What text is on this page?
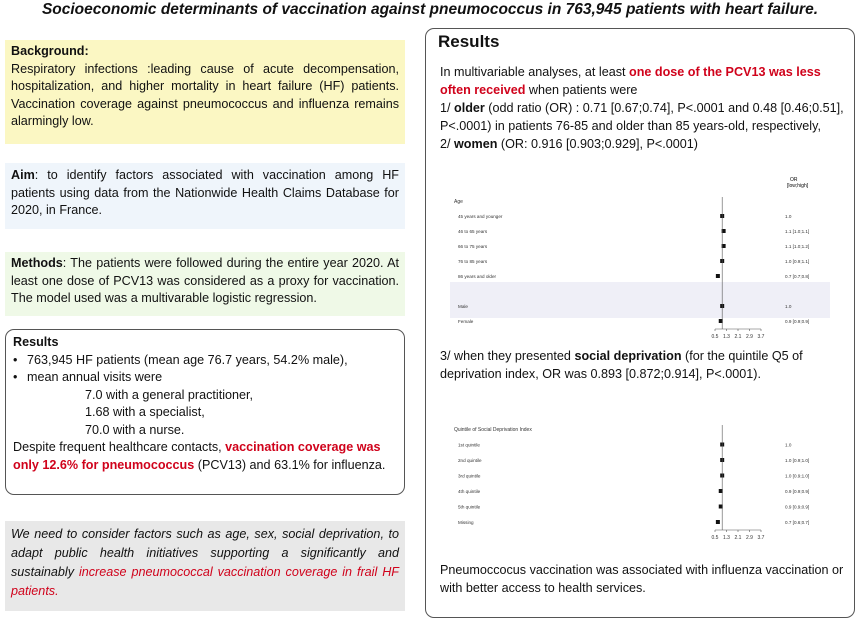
Socioeconomic determinants of vaccination against pneumococcus in 763,945 patients with heart failure.

Background:

Respiratory infections :leading cause of acute decompensation, hospitalization, and higher mortality in heart failure (HF) patients. Vaccination coverage against pneumococcus and influenza remains alarmingly low.

Aim: to identify factors associated with vaccination among HF patients using data from the Nationwide Health Claims Database for 2020, in France.

Methods: The patients were followed during the entire year 2020. At least one dose of PCV13 was considered as a proxy for vaccination. The model used was a multivarable logistic regression.

Results

• 763,945 HF patients (mean age 76.7 years, 54.2% male),
• mean annual visits were

7.0 with a general practitioner,

1.68 with a specialist,

70.0 with a nurse.

Despite frequent healthcare contacts, vaccination coverage was only 12.6% for pneumococcus (PCV13) and 63.1% for influenza.

We need to consider factors such as age, sex, social deprivation, to adapt public health initiatives supporting a significantly and sustainably increase pneumococcal vaccination coverage in frail HF patients.

Results
In multivariable analyses, at least one dose of the PCV13 was less often received when patients were
1/ older (odd ratio (OR) : 0.71 [0.67;0.74], P<.0001 and 0.48 [0.46;0.51], P<.0001) in patients 76-85 and older than 85 years-old, respectively,
2/ women (OR: 0.916 [0.903;0.929], P<.0001)
OR
[low;high]
Age
45 years and younger	1.0
46 to 65 years	1.1 [1.0;1.1]
66 to 75 years	1.1 [1.0;1.2]
76 to 85 years	1.0 [0.9;1.1]
86 years and older	0.7 [0.7;0.8]
Male	1.0
Female	0.9 [0.9;0.9]
0.5 1.3 2.1 2.9 3.7
3/ when they presented social deprivation (for the quintile Q5 of deprivation index, OR was 0.893 [0.872;0.914], P<.0001).
Quintile of Social Deprivation Index
1st quintile	1.0
2nd quintile	1.0 [0.9;1.0]
3rd quintile	1.0 [0.9;1.0]
4th quintile	0.9 [0.9;0.9]
5th quintile	0.9 [0.9;0.9]
Missing	0.7 [0.6;0.7]
0.5 1.3 2.1 2.9 3.7
Pneumoccocus vaccination was associated with influenza vaccination or with better access to health services.
